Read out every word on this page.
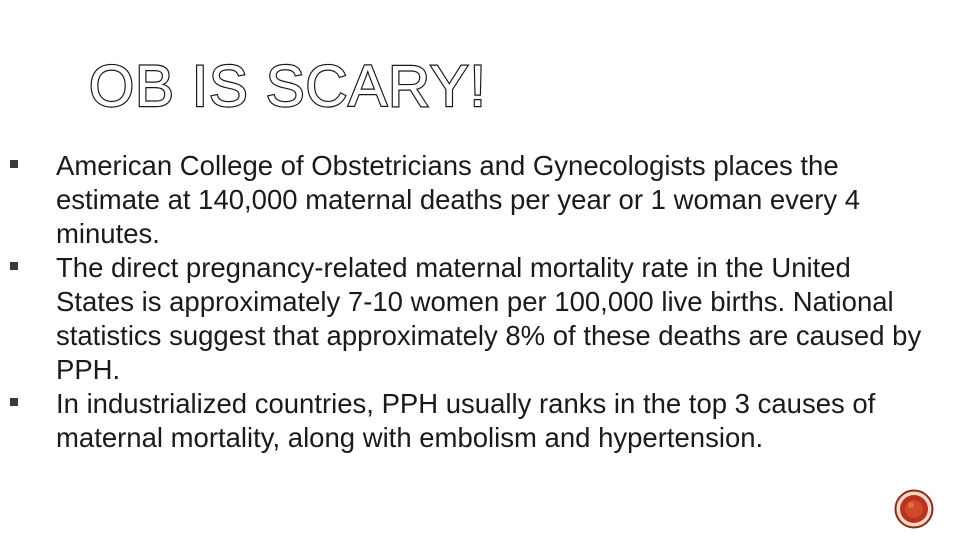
OB IS SCARY!
American College of Obstetricians and Gynecologists places the estimate at 140,000 maternal deaths per year or 1 woman every 4 minutes.
The direct pregnancy-related maternal mortality rate in the United States is approximately 7-10 women per 100,000 live births. National statistics suggest that approximately 8% of these deaths are caused by PPH.
In industrialized countries, PPH usually ranks in the top 3 causes of maternal mortality, along with embolism and hypertension.
